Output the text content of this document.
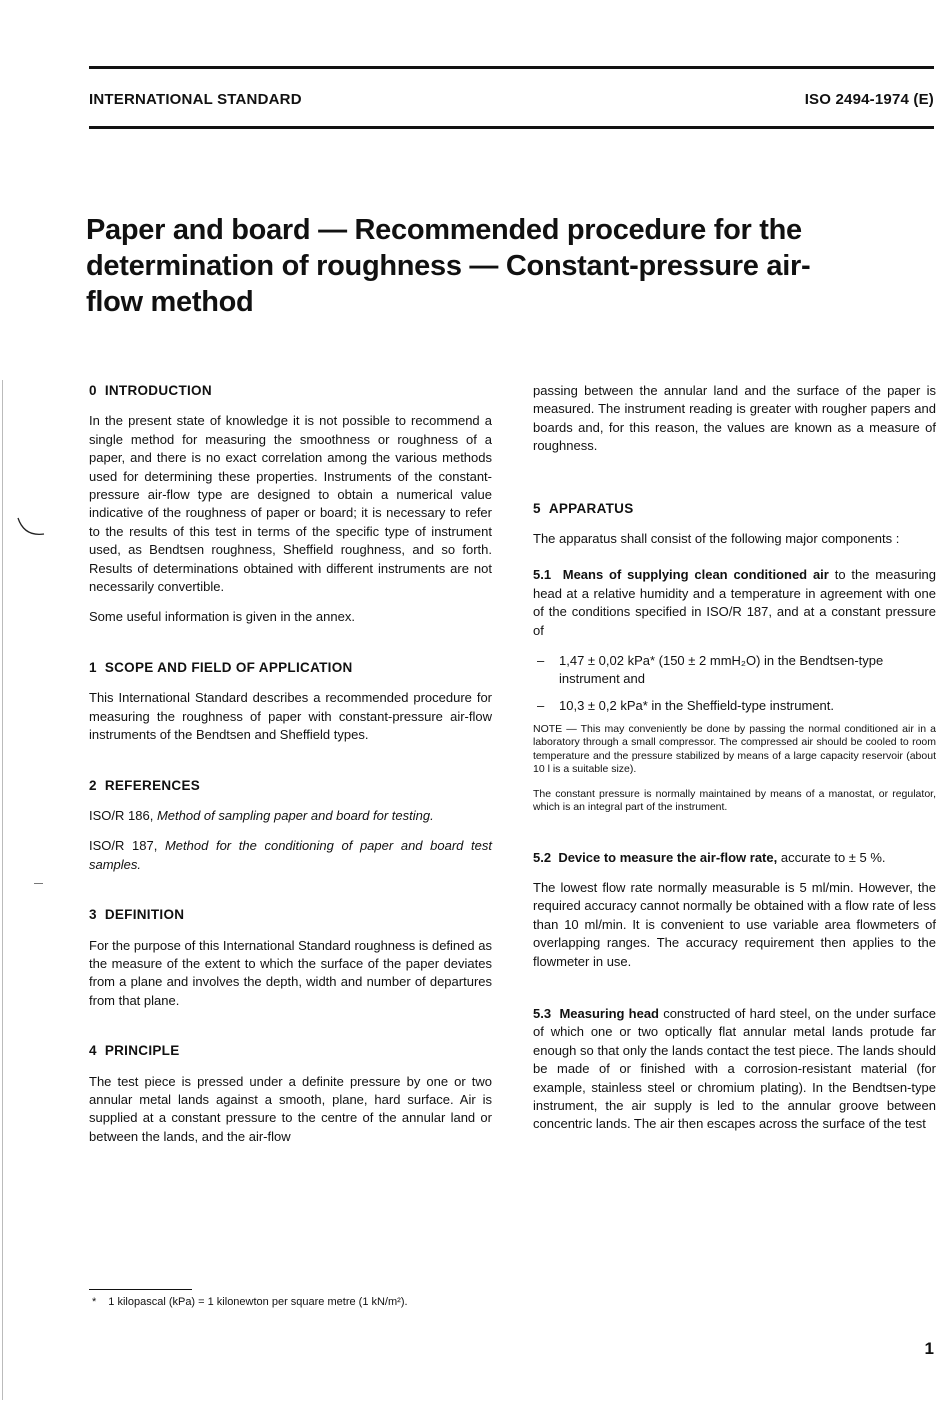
INTERNATIONAL STANDARD	ISO 2494-1974 (E)
Paper and board — Recommended procedure for the determination of roughness — Constant-pressure air-flow method
0 INTRODUCTION

In the present state of knowledge it is not possible to recommend a single method for measuring the smoothness or roughness of a paper, and there is no exact correlation among the various methods used for determining these properties. Instruments of the constant-pressure air-flow type are designed to obtain a numerical value indicative of the roughness of paper or board; it is necessary to refer to the results of this test in terms of the specific type of instrument used, as Bendtsen roughness, Sheffield roughness, and so forth. Results of determinations obtained with different instruments are not necessarily convertible.

Some useful information is given in the annex.

1 SCOPE AND FIELD OF APPLICATION

This International Standard describes a recommended procedure for measuring the roughness of paper with constant-pressure air-flow instruments of the Bendtsen and Sheffield types.

2 REFERENCES

ISO/R 186, Method of sampling paper and board for testing.

ISO/R 187, Method for the conditioning of paper and board test samples.

3 DEFINITION

For the purpose of this International Standard roughness is defined as the measure of the extent to which the surface of the paper deviates from a plane and involves the depth, width and number of departures from that plane.

4 PRINCIPLE

The test piece is pressed under a definite pressure by one or two annular metal lands against a smooth, plane, hard surface. Air is supplied at a constant pressure to the centre of the annular land or between the lands, and the air-flow

passing between the annular land and the surface of the paper is measured. The instrument reading is greater with rougher papers and boards and, for this reason, the values are known as a measure of roughness.

5 APPARATUS

The apparatus shall consist of the following major components :

5.1 Means of supplying clean conditioned air to the measuring head at a relative humidity and a temperature in agreement with one of the conditions specified in ISO/R 187, and at a constant pressure of

–	1,47 ± 0,02 kPa* (150 ± 2 mmH₂O) in the Bendtsen-type instrument and
–	10,3 ± 0,2 kPa* in the Sheffield-type instrument.

NOTE — This may conveniently be done by passing the normal conditioned air in a laboratory through a small compressor. The compressed air should be cooled to room temperature and the pressure stabilized by means of a large capacity reservoir (about 10 l is a suitable size).

The constant pressure is normally maintained by means of a manostat, or regulator, which is an integral part of the instrument.

5.2 Device to measure the air-flow rate, accurate to ± 5 %.

The lowest flow rate normally measurable is 5 ml/min. However, the required accuracy cannot normally be obtained with a flow rate of less than 10 ml/min. It is convenient to use variable area flowmeters of overlapping ranges. The accuracy requirement then applies to the flowmeter in use.

5.3 Measuring head constructed of hard steel, on the under surface of which one or two optically flat annular metal lands protude far enough so that only the lands contact the test piece. The lands should be made of or finished with a corrosion-resistant material (for example, stainless steel or chromium plating). In the Bendtsen-type instrument, the air supply is led to the annular groove between concentric lands. The air then escapes across the surface of the test

* 1 kilopascal (kPa) = 1 kilonewton per square metre (1 kN/m²).
1
